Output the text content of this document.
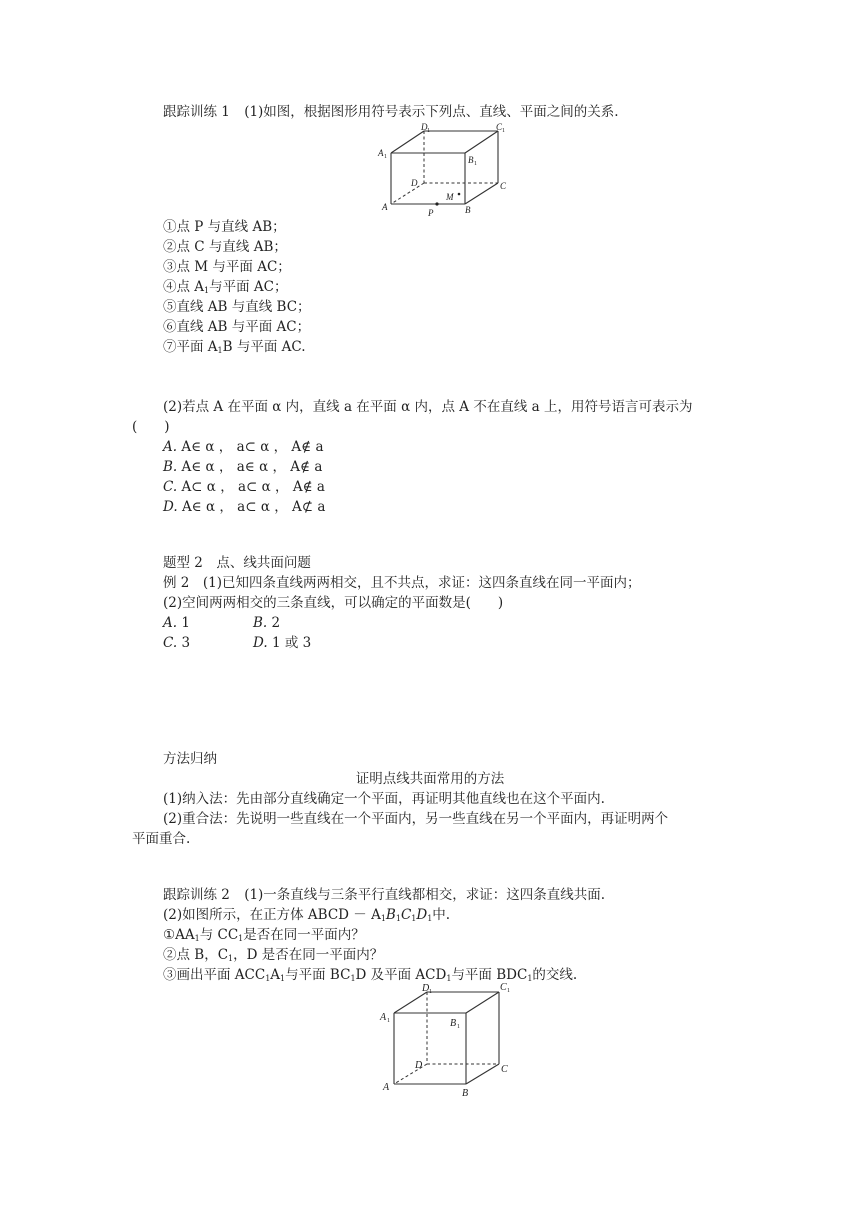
跟踪训练 1 (1)如图，根据图形用符号表示下列点、直线、平面之间的关系.
A 1
D 1	C 1
B 1
D	C
A	B
P
M
①点 P 与直线 AB；
②点 C 与直线 AB；
③点 M 与平面 AC；
④点 $A_1$与平面 AC；
⑤直线 AB 与直线 BC；
⑥直线 AB 与平面 AC；
⑦平面 $A_1B$ 与平面 AC.
(2)若点 A 在平面 α 内，直线 a 在平面 α 内，点 A 不在直线 a 上，用符号语言可表示为
(　　)
A. A∈ α ， a⊂ α ， A∉ a
B. A∈ α ， a∈ α ， A∉ a
C. A⊂ α ， a⊂ α ， A∉ a
D. A∈ α ， a⊂ α ， A⊄ a
题型 2　点、线共面问题
例 2　(1)已知四条直线两两相交，且不共点，求证：这四条直线在同一平面内；
(2)空间两两相交的三条直线，可以确定的平面数是(　　)
A. 1	B. 2
C. 3	D. 1 或 3
方法归纳
证明点线共面常用的方法
(1)纳入法：先由部分直线确定一个平面，再证明其他直线也在这个平面内.
(2)重合法：先说明一些直线在一个平面内，另一些直线在另一个平面内，再证明两个
平面重合.
跟踪训练 2 (1)一条直线与三条平行直线都相交，求证：这四条直线共面.
(2)如图所示，在正方体 ABCD － $A_1B_1C_1D_1$中.
$①AA_1$与 $CC_1$是否在同一平面内？
②点 B，$C_1$，D 是否在同一平面内？
③画出平面 $ACC_1A_1$与平面 $BC_1D$ 及平面 $ACD_1$与平面 $BDC_1$的交线.
A 1
D 1	C 1
B 1
D	C
A
B
